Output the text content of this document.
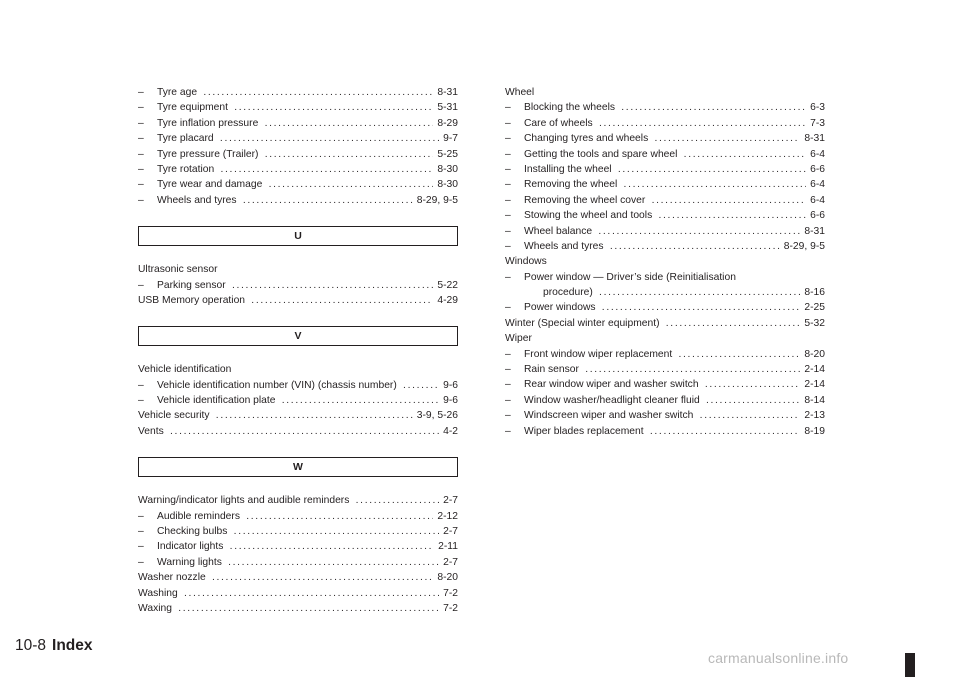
– Tyre age . . .	8-31
– Tyre equipment . . .	5-31
– Tyre inflation pressure . . .	8-29
– Tyre placard . . .	9-7
– Tyre pressure (Trailer) . . .	5-25
– Tyre rotation . . .	8-30
– Tyre wear and damage . . .	8-30
– Wheels and tyres . . .	8-29, 9-5
U
Ultrasonic sensor
– Parking sensor . . .	5-22
USB Memory operation . . .	4-29
V
Vehicle identification
– Vehicle identification number (VIN) (chassis number) . . .	9-6
– Vehicle identification plate . . .	9-6
Vehicle security . . .	3-9, 5-26
Vents . . .	4-2
W
Warning/indicator lights and audible reminders . . .	2-7
– Audible reminders . . .	2-12
– Checking bulbs . . .	2-7
– Indicator lights . . .	2-11
– Warning lights . . .	2-7
Washer nozzle . . .	8-20
Washing . . .	7-2
Waxing . . .	7-2
Wheel
– Blocking the wheels . . .	6-3
– Care of wheels . . .	7-3
– Changing tyres and wheels . . .	8-31
– Getting the tools and spare wheel . . .	6-4
– Installing the wheel . . .	6-6
– Removing the wheel . . .	6-4
– Removing the wheel cover . . .	6-4
– Stowing the wheel and tools . . .	6-6
– Wheel balance . . .	8-31
– Wheels and tyres . . .	8-29, 9-5
Windows
– Power window — Driver’s side (Reinitialisation
procedure) . . .	8-16
– Power windows . . .	2-25
Winter (Special winter equipment) . . .	5-32
Wiper
– Front window wiper replacement . . .	8-20
– Rain sensor . . .	2-14
– Rear window wiper and washer switch . . .	2-14
– Window washer/headlight cleaner fluid . . .	8-14
– Windscreen wiper and washer switch . . .	2-13
– Wiper blades replacement . . .	8-19
10-8 Index
carmanualsonline.info
